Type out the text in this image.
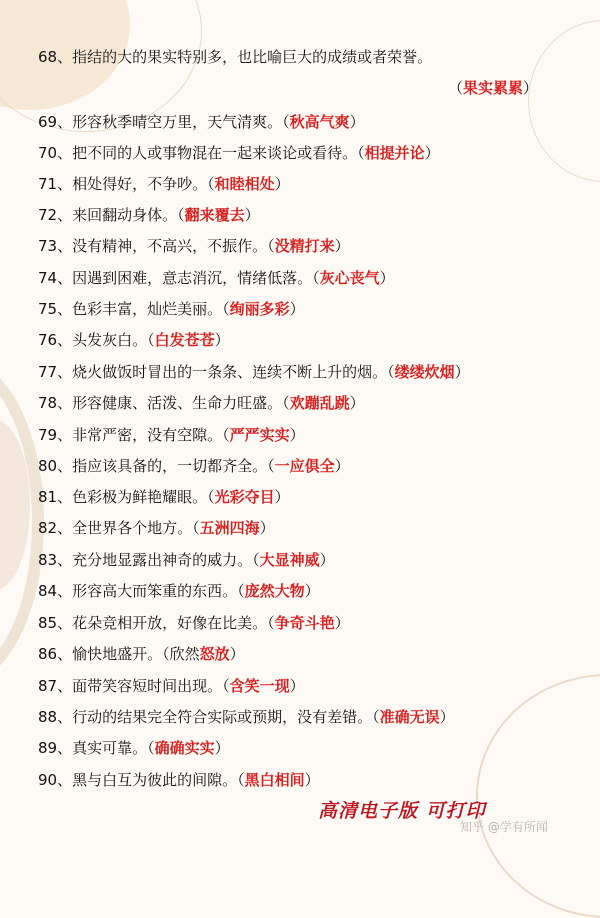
68、指结的大的果实特别多，也比喻巨大的成绩或者荣誉。
（果实累累）
69、形容秋季晴空万里，天气清爽。（秋高气爽）
70、把不同的人或事物混在一起来谈论或看待。（相提并论）
71、相处得好，不争吵。（和睦相处）
72、来回翻动身体。（翻来覆去）
73、没有精神，不高兴，不振作。（没精打来）
74、因遇到困难，意志消沉，情绪低落。（灰心丧气）
75、色彩丰富，灿烂美丽。（绚丽多彩）
76、头发灰白。（白发苍苍）
77、烧火做饭时冒出的一条条、连续不断上升的烟。（缕缕炊烟）
78、形容健康、活泼、生命力旺盛。（欢蹦乱跳）
79、非常严密，没有空隙。（严严实实）
80、指应该具备的，一切都齐全。（一应俱全）
81、色彩极为鲜艳耀眼。（光彩夺目）
82、全世界各个地方。（五洲四海）
83、充分地显露出神奇的威力。（大显神威）
84、形容高大而笨重的东西。（庞然大物）
85、花朵竞相开放，好像在比美。（争奇斗艳）
86、愉快地盛开。（欣然怒放）
87、面带笑容短时间出现。（含笑一现）
88、行动的结果完全符合实际或预期，没有差错。（准确无误）
89、真实可靠。（确确实实）
90、黑与白互为彼此的间隙。（黑白相间）
高清电子版 可打印
知乎 @学有所闻
